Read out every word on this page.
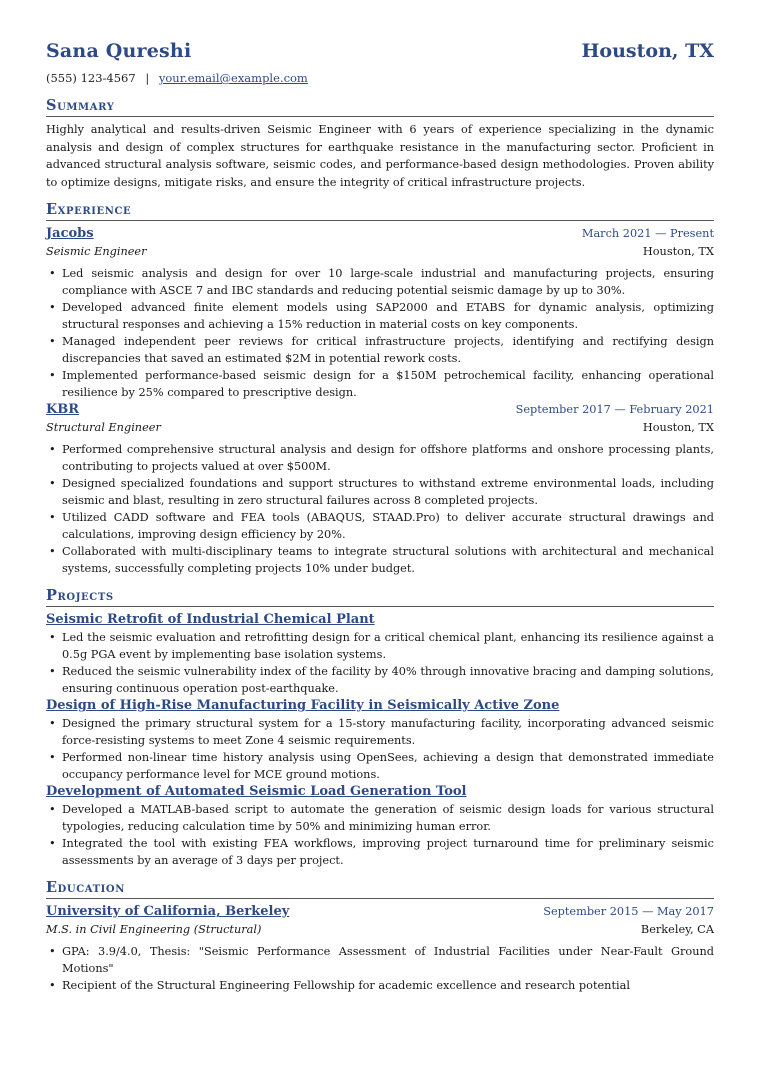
Sana Qureshi	Houston, TX
(555) 123-4567 | your.email@example.com
Summary

Highly analytical and results-driven Seismic Engineer with 6 years of experience specializing in the dynamic analysis and design of complex structures for earthquake resistance in the manufacturing sector. Proficient in advanced structural analysis software, seismic codes, and performance-based design methodologies. Proven ability to optimize designs, mitigate risks, and ensure the integrity of critical infrastructure projects.

Experience
Jacobs	March 2021 — Present
Seismic Engineer	Houston, TX
• Led seismic analysis and design for over 10 large-scale industrial and manufacturing projects, ensuring compliance with ASCE 7 and IBC standards and reducing potential seismic damage by up to 30%.
• Developed advanced finite element models using SAP2000 and ETABS for dynamic analysis, optimizing structural responses and achieving a 15% reduction in material costs on key components.
• Managed independent peer reviews for critical infrastructure projects, identifying and rectifying design discrepancies that saved an estimated $2M in potential rework costs.
• Implemented performance-based seismic design for a $150M petrochemical facility, enhancing operational resilience by 25% compared to prescriptive design.
KBR	September 2017 — February 2021
Structural Engineer	Houston, TX
• Performed comprehensive structural analysis and design for offshore platforms and onshore processing plants, contributing to projects valued at over $500M.
• Designed specialized foundations and support structures to withstand extreme environmental loads, including seismic and blast, resulting in zero structural failures across 8 completed projects.
• Utilized CADD software and FEA tools (ABAQUS, STAAD.Pro) to deliver accurate structural drawings and calculations, improving design efficiency by 20%.
• Collaborated with multi-disciplinary teams to integrate structural solutions with architectural and mechanical systems, successfully completing projects 10% under budget.
Projects
Seismic Retrofit of Industrial Chemical Plant
• Led the seismic evaluation and retrofitting design for a critical chemical plant, enhancing its resilience against a 0.5g PGA event by implementing base isolation systems.
• Reduced the seismic vulnerability index of the facility by 40% through innovative bracing and damping solutions, ensuring continuous operation post-earthquake.
Design of High-Rise Manufacturing Facility in Seismically Active Zone
• Designed the primary structural system for a 15-story manufacturing facility, incorporating advanced seismic force-resisting systems to meet Zone 4 seismic requirements.
• Performed non-linear time history analysis using OpenSees, achieving a design that demonstrated immediate occupancy performance level for MCE ground motions.
Development of Automated Seismic Load Generation Tool
• Developed a MATLAB-based script to automate the generation of seismic design loads for various structural typologies, reducing calculation time by 50% and minimizing human error.
• Integrated the tool with existing FEA workflows, improving project turnaround time for preliminary seismic assessments by an average of 3 days per project.
Education
University of California, Berkeley	September 2015 — May 2017
M.S. in Civil Engineering (Structural)	Berkeley, CA
• GPA: 3.9/4.0, Thesis: "Seismic Performance Assessment of Industrial Facilities under Near-Fault Ground Motions"
• Recipient of the Structural Engineering Fellowship for academic excellence and research potential
